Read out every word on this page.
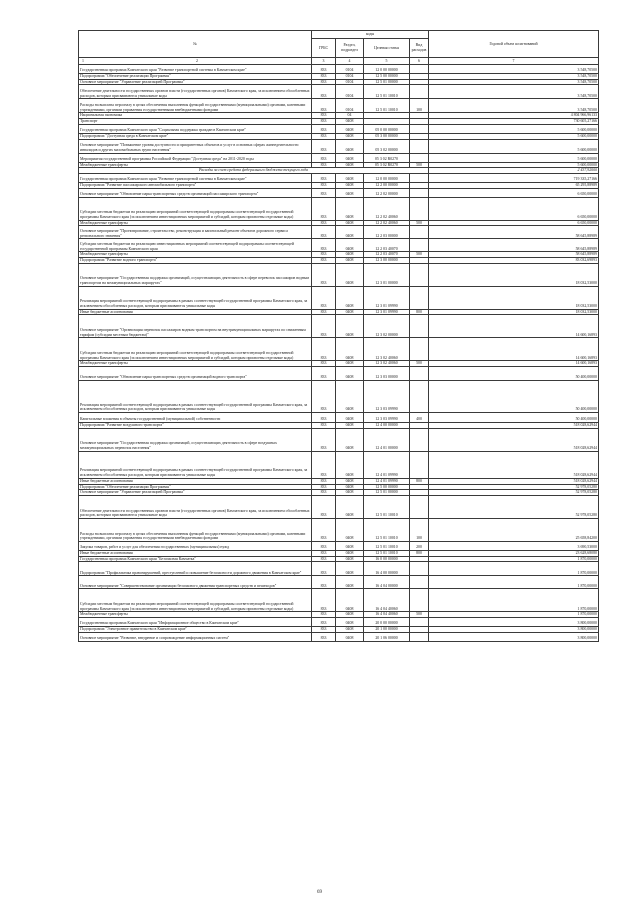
№	коды				Годовой объем ассигнований
	ГРБС	Раздел, подраздел	Целевая статья	Вид расходов	

1 2	3	4	5	6	7
Государственная программа Камчатского края "Развитие транспортной системы в Камчатском крае"	833	0104	12 0 00 00000		3 548,70500
Подпрограмма "Обеспечение реализации Программы"	833	0104	12 5 00 00000		3 548,70500
Основное мероприятие "Управление реализацией Программы"	833	0104	12 5 01 00000		3 548,70500
Обеспечение деятельности государственных органов власти (государственных органов) Камчатского края, за исключением обособленных расходов, которым присваиваются уникальные коды	833	0104	12 5 01 10010		3 548,70500
Расходы на выплаты персоналу в целях обеспечения выполнения функций государственными (муниципальными) органами, казенными учреждениями, органами управления государственными внебюджетными фондами	833	0104	12 5 01 10010	100	3 548,70500
Национальная экономика	833	04			4 804 966,96133
Транспорт	833	0408			730 605,27166
Государственная программа Камчатского края "Социальная поддержка граждан в Камчатском крае"	833	0408	05 0 00 00000		5 600,00000
Подпрограмма "Доступная среда в Камчатском крае"	833	0408	05 3 00 00000		5 600,00000
Основное мероприятие "Повышение уровня доступности и приоритетных объектов и услуг в основных сферах жизнедеятельности инвалидов и других маломобильных групп населения"	833	0408	05 3 02 00000		5 600,00000
Мероприятия государственной программы Российской Федерации "Доступная среда" на 2011-2020 годы	833	0408	05 3 02 R0270		5 600,00000
Межбюджетные трансферты	833	0408	05 3 02 R0270	500	5 600,00000
Расходы за счет средств федерального бюджета текущего года					2 437,92000
Государственная программа Камчатского края "Развитие транспортной системы в Камчатском крае"	833	0408	12 0 00 00000		719 335,27166
Подпрограмма "Развитие пассажирского автомобильного транспорта"	833	0408	12 2 00 00000		65 295,88989
Основное мероприятие "Обновление парка транспортных средств организаций пассажирского транспорта"	833	0408	12 2 02 00000		6 650,00000
Субсидии местным бюджетам на реализацию мероприятий соответствующей подпрограммы соответствующей государственной программы Камчатского края (за исключением инвестиционных мероприятий и субсидий, которым присвоены отдельные коды)	833	0408	12 2 02 40060		6 650,00000
Межбюджетные трансферты	833	0408	12 2 02 40060	500	6 650,00000
Основное мероприятие "Проектирование, строительство, реконструкция и капитальный ремонт объектов дорожного сервиса регионального значения"	833	0408	12 2 03 00000		58 645,88989
Субсидии местным бюджетам на реализацию инвестиционных мероприятий соответствующей подпрограммы соответствующей государственной программы Камчатского края	833	0408	12 2 03 40070		58 645,88989
Межбюджетные трансферты	833	0408	12 2 03 40070	500	58 645,88989
Подпрограмма "Развитие водного транспорта"	833	0408	12 3 00 00000		83 032,69893
Основное мероприятие "Государственная поддержка организаций, осуществляющих деятельность в сфере перевозок пассажиров водным транспортом на межмуниципальных маршрутах"	833	0408	12 3 01 00000		18 032,53000
Реализация мероприятий соответствующей подпрограммы в рамках соответствующей государственной программы Камчатского края, за исключением обособленных расходов, которым присваиваются уникальные коды	833	0408	12 3 01 09990		18 032,53000
Иные бюджетные ассигнования	833	0408	12 3 01 09990	800	18 032,53000
Основное мероприятие "Организация перевозок пассажиров водным транспортом на внутримуниципальных маршрутах по сниженным тарифам (субсидии местным бюджетам)"	833	0408	12 3 02 00000		14 600,16893
Субсидии местным бюджетам на реализацию мероприятий соответствующей подпрограммы соответствующей государственной программы Камчатского края (за исключением инвестиционных мероприятий и субсидий, которым присвоены отдельные коды)	833	0408	12 3 02 40060		14 600,16893
Межбюджетные трансферты	833	0408	12 3 02 40060	500	14 600,16893
Основное мероприятие "Обновление парка транспортных средств организаций водного транспорта"	833	0408	12 3 03 00000		50 400,00000
Реализация мероприятий соответствующей подпрограммы в рамках соответствующей государственной программы Камчатского края, за исключением обособленных расходов, которым присваиваются уникальные коды	833	0408	12 3 03 09990		50 400,00000
Капитальные вложения в объекты государственной (муниципальной) собственности	833	0408	12 3 03 09990	400	50 400,00000
Подпрограмма "Развитие воздушного транспорта"	833	0408	12 4 00 00000		518 028,62944
Основное мероприятие "Государственная поддержка организаций, осуществляющих деятельность в сфере воздушных межмуниципальных перевозок населения"	833	0408	12 4 01 00000		518 028,62944
Реализация мероприятий соответствующей подпрограммы в рамках соответствующей государственной программы Камчатского края, за исключением обособленных расходов, которым присваиваются уникальные коды	833	0408	12 4 01 09990		518 028,62944
Иные бюджетные ассигнования	833	0408	12 4 01 09990	800	518 028,62944
Подпрограмма "Обеспечение реализации Программы"	833	0408	12 5 00 00000		52 978,05280
Основное мероприятие "Управление реализацией Программы"	833	0408	12 5 01 00000		52 978,05280
Обеспечение деятельности государственных органов власти (государственных органов) Камчатского края, за исключением обособленных расходов, которым присваиваются уникальные коды	833	0408	12 5 01 10010		52 978,05280
Расходы на выплаты персоналу в целях обеспечения выполнения функций государственными (муниципальными) органами, казенными учреждениями, органами управления государственными внебюджетными фондами	833	0408	12 5 01 10010	100	25 658,84200
Закупка товаров, работ и услуг для обеспечения государственных (муниципальных) нужд	833	0408	12 5 01 10010	200	3 690,53000
Иные бюджетные ассигнования	833	0408	12 5 01 10010	800	23 628,68080
Государственная программа Камчатского края "Безопасная Камчатка"	833	0408	16 0 00 00000		1 870,00000
Подпрограмма "Профилактика правонарушений, преступлений и повышение безопасности дорожного движения в Камчатском крае"	833	0408	16 4 00 00000		1 870,00000
Основное мероприятие "Совершенствование организации безопасного движения транспортных средств и пешеходов"	833	0408	16 4 04 00000		1 870,00000
Субсидии местным бюджетам на реализацию мероприятий соответствующей подпрограммы соответствующей государственной программы Камчатского края (за исключением инвестиционных мероприятий и субсидий, которым присвоены отдельные коды)	833	0408	16 4 04 40060		1 870,00000
Межбюджетные трансферты	833	0408	16 4 04 40060	500	1 870,00000
Государственная программа Камчатского края "Информационное общество в Камчатском крае"	833	0408	20 0 00 00000		3 800,00000
Подпрограмма "Электронное правительство в Камчатском крае"	833	0408	20 1 00 00000		3 800,00000
Основное мероприятие "Развитие, внедрение и сопровождение информационных систем"	833	0408	20 1 06 00000		3 800,00000
69
